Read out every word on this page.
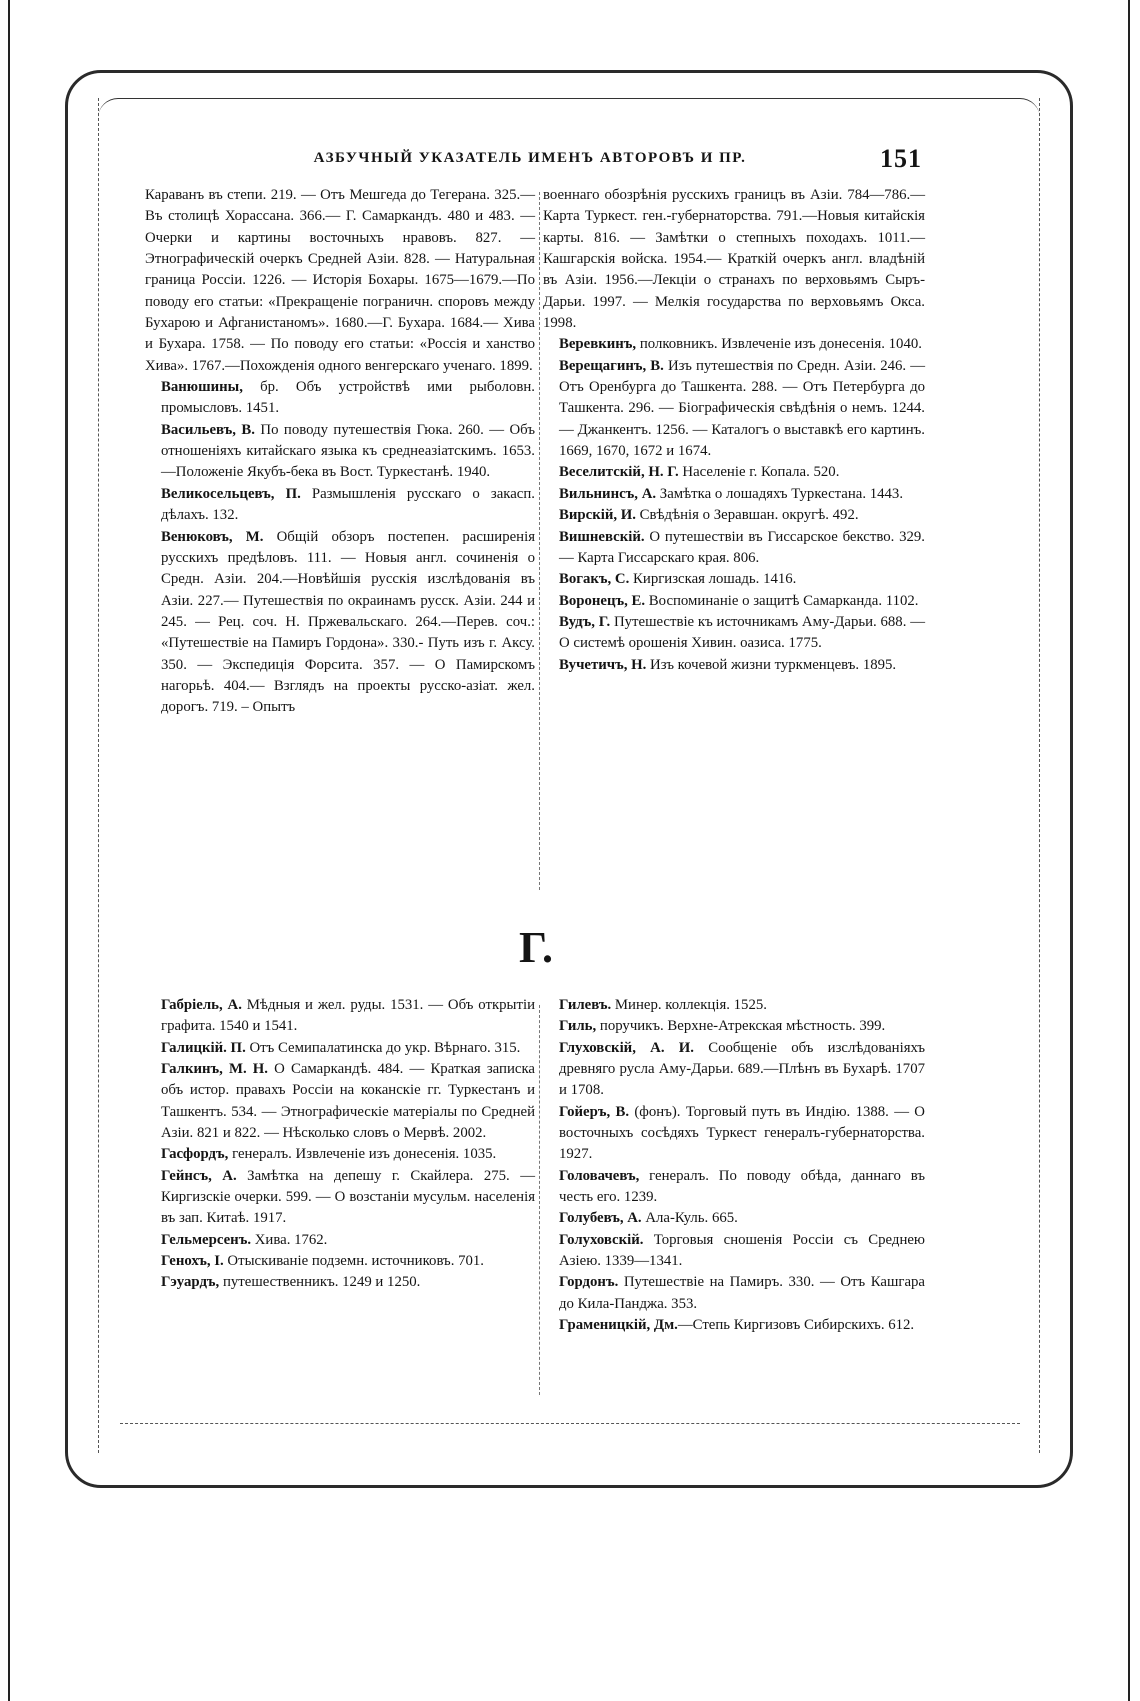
АЗБУЧНЫЙ УКАЗАТЕЛЬ ИМЕНЪ АВТОРОВЪ И ПР.	151

Караванъ въ степи. 219. — Отъ Мешгеда до Тегерана. 325.—Въ столицѣ Хорассана. 366.— Г. Самаркандъ. 480 и 483. — Очерки и картины восточныхъ нравовъ. 827. — Этнографическій очеркъ Средней Азіи. 828. — Натуральная граница Россіи. 1226. — Исторія Бохары. 1675—1679.—По поводу его статьи: «Прекращеніе пограничн. споровъ между Бухарою и Афганистаномъ». 1680.—Г. Бухара. 1684.— Хива и Бухара. 1758. — По поводу его статьи: «Россія и ханство Хива». 1767.—Похожденія одного венгерскаго ученаго. 1899.

Ванюшины, бр. Объ устройствѣ ими рыболовн. промысловъ. 1451.

Васильевъ, В. По поводу путешествія Гюка. 260. — Объ отношеніяхъ китайскаго языка къ среднеазіатскимъ. 1653.—Положеніе Якубъ-бека въ Вост. Туркестанѣ. 1940.

Великосельцевъ, П. Размышленія русскаго о закасп. дѣлахъ. 132.

Венюковъ, М. Общій обзоръ постепен. расширенія русскихъ предѣловъ. 111. — Новыя англ. сочиненія о Средн. Азіи. 204.—Новѣйшія русскія изслѣдованія въ Азіи. 227.— Путешествія по окраинамъ русск. Азіи. 244 и 245. — Рец. соч. Н. Пржевальскаго. 264.—Перев. соч.: «Путешествіе на Памиръ Гордона». 330.- Путь изъ г. Аксу. 350. — Экспедиція Форсита. 357. — О Памирскомъ нагорьѣ. 404.— Взглядъ на проекты русско-азіат. жел. дорогъ. 719. – Опытъ

военнаго обозрѣнія русскихъ границъ въ Азіи. 784—786.—Карта Туркест. ген.-губернаторства. 791.—Новыя китайскія карты. 816. — Замѣтки о степныхъ походахъ. 1011.— Кашгарскія войска. 1954.— Краткій очеркъ англ. владѣній въ Азіи. 1956.—Лекціи о странахъ по верховьямъ Сыръ-Дарьи. 1997. — Мелкія государства по верховьямъ Окса. 1998.

Веревкинъ, полковникъ. Извлеченіе изъ донесенія. 1040.

Верещагинъ, В. Изъ путешествія по Средн. Азіи. 246. — Отъ Оренбурга до Ташкента. 288. — Отъ Петербурга до Ташкента. 296. — Біографическія свѣдѣнія о немъ. 1244. — Джанкентъ. 1256. — Каталогъ о выставкѣ его картинъ. 1669, 1670, 1672 и 1674.

Веселитскій, Н. Г. Населеніе г. Копала. 520.

Вильнинсъ, А. Замѣтка о лошадяхъ Туркестана. 1443.

Вирскій, И. Свѣдѣнія о Зеравшан. округѣ. 492.

Вишневскій. О путешествіи въ Гиссарское бекство. 329. — Карта Гиссарскаго края. 806.

Вогакъ, С. Киргизская лошадь. 1416.

Воронецъ, Е. Воспоминаніе о защитѣ Самарканда. 1102.

Вудъ, Г. Путешествіе къ источникамъ Аму-Дарьи. 688. — О системѣ орошенія Хивин. оазиса. 1775.

Вучетичъ, Н. Изъ кочевой жизни туркменцевъ. 1895.

Г.

Габріель, А. Мѣдныя и жел. руды. 1531. — Объ открытіи графита. 1540 и 1541.

Галицкій. П. Отъ Семипалатинска до укр. Вѣрнаго. 315.

Галкинъ, М. Н. О Самаркандѣ. 484. — Краткая записка объ истор. правахъ Россіи на коканскіе гг. Туркестанъ и Ташкентъ. 534. — Этнографическіе матеріалы по Средней Азіи. 821 и 822. — Нѣсколько словъ о Мервѣ. 2002.

Гасфордъ, генералъ. Извлеченіе изъ донесенія. 1035.

Гейнсъ, А. Замѣтка на депешу г. Скайлера. 275. — Киргизскіе очерки. 599. — О возстаніи мусульм. населенія въ зап. Китаѣ. 1917.

Гельмерсенъ. Хива. 1762.

Генохъ, I. Отыскиваніе подземн. источниковъ. 701.

Гэуардъ, путешественникъ. 1249 и 1250.

Гилевъ. Минер. коллекція. 1525.

Гиль, поручикъ. Верхне-Атрекская мѣстность. 399.

Глуховскій, А. И. Сообщеніе объ изслѣдованіяхъ древняго русла Аму-Дарьи. 689.—Плѣнъ въ Бухарѣ. 1707 и 1708.

Гойеръ, В. (фонъ). Торговый путь въ Индію. 1388. — О восточныхъ сосѣдяхъ Туркест генералъ-губернаторства. 1927.

Головачевъ, генералъ. По поводу обѣда, даннаго въ честь его. 1239.

Голубевъ, А. Ала-Куль. 665.

Голуховскій. Торговыя сношенія Россіи съ Среднею Азіею. 1339—1341.

Гордонъ. Путешествіе на Памиръ. 330. — Отъ Кашгара до Кила-Панджа. 353.

Граменицкій, Дм.—Степь Киргизовъ Сибирскихъ. 612.
